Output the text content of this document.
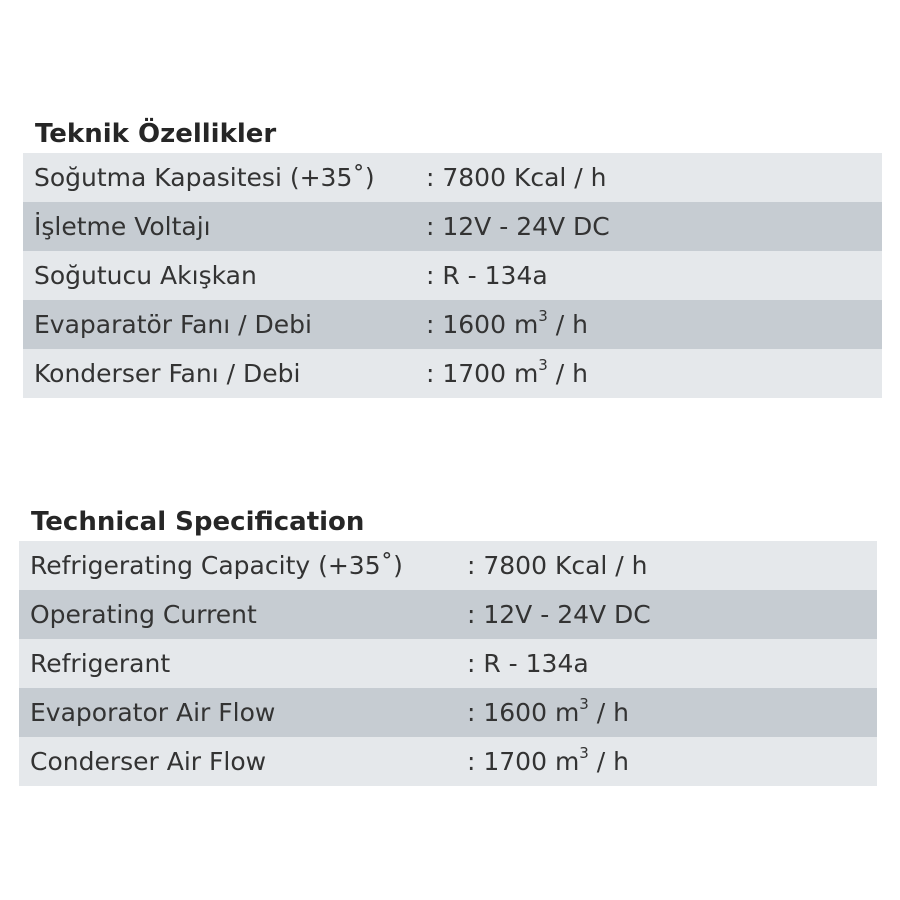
Teknik Özellikler
Soğutma Kapasitesi (+35˚)	: 7800 Kcal / h
İşletme Voltajı	: 12V - 24V DC
Soğutucu Akışkan	: R - 134a
Evaparatör Fanı / Debi	: 1600 $m^3$ / h
Konderser Fanı / Debi	: 1700 $m^3$ / h
Technical Specification
Refrigerating Capacity (+35˚)	: 7800 Kcal / h
Operating Current	: 12V - 24V DC
Refrigerant	: R - 134a
Evaporator Air Flow	: 1600 $m^3$ / h
Conderser Air Flow	: 1700 $m^3$ / h
